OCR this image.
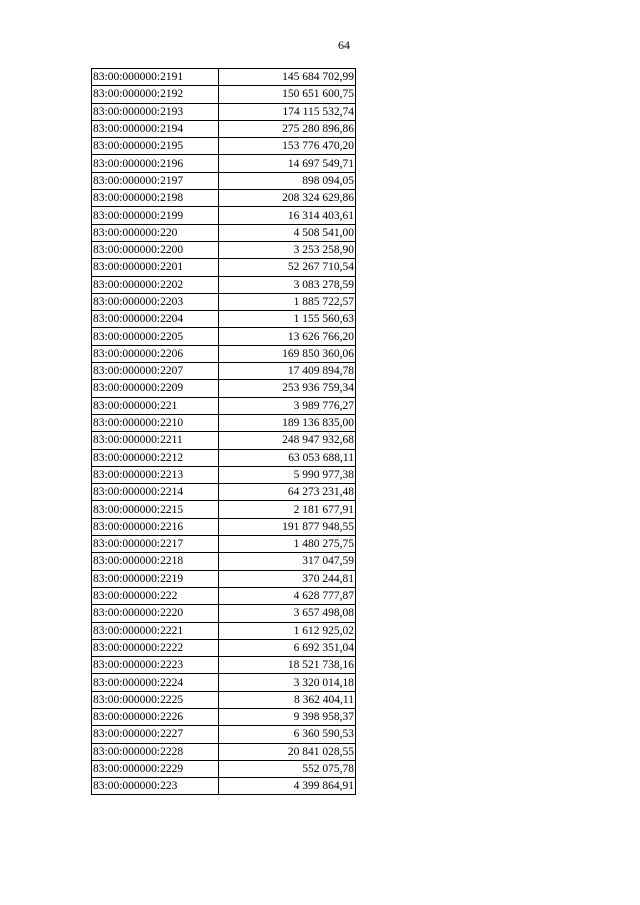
64
83:00:000000:2191	145 684 702,99
83:00:000000:2192	150 651 600,75
83:00:000000:2193	174 115 532,74
83:00:000000:2194	275 280 896,86
83:00:000000:2195	153 776 470,20
83:00:000000:2196	14 697 549,71
83:00:000000:2197	898 094,05
83:00:000000:2198	208 324 629,86
83:00:000000:2199	16 314 403,61
83:00:000000:220	4 508 541,00
83:00:000000:2200	3 253 258,90
83:00:000000:2201	52 267 710,54
83:00:000000:2202	3 083 278,59
83:00:000000:2203	1 885 722,57
83:00:000000:2204	1 155 560,63
83:00:000000:2205	13 626 766,20
83:00:000000:2206	169 850 360,06
83:00:000000:2207	17 409 894,78
83:00:000000:2209	253 936 759,34
83:00:000000:221	3 989 776,27
83:00:000000:2210	189 136 835,00
83:00:000000:2211	248 947 932,68
83:00:000000:2212	63 053 688,11
83:00:000000:2213	5 990 977,38
83:00:000000:2214	64 273 231,48
83:00:000000:2215	2 181 677,91
83:00:000000:2216	191 877 948,55
83:00:000000:2217	1 480 275,75
83:00:000000:2218	317 047,59
83:00:000000:2219	370 244,81
83:00:000000:222	4 628 777,87
83:00:000000:2220	3 657 498,08
83:00:000000:2221	1 612 925,02
83:00:000000:2222	6 692 351,04
83:00:000000:2223	18 521 738,16
83:00:000000:2224	3 320 014,18
83:00:000000:2225	8 362 404,11
83:00:000000:2226	9 398 958,37
83:00:000000:2227	6 360 590,53
83:00:000000:2228	20 841 028,55
83:00:000000:2229	552 075,78
83:00:000000:223	4 399 864,91
